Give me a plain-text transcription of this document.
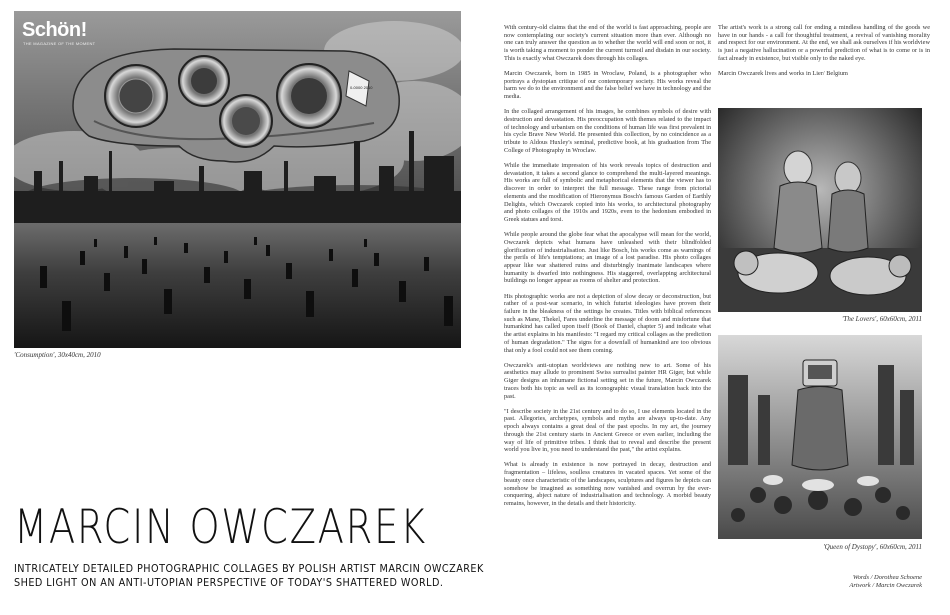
0-0000 2010
Schön!
THE MAGAZINE OF THE MOMENT
'Consumption', 30x40cm, 2010
MARCIN OWCZAREK
INTRICATELY DETAILED PHOTOGRAPHIC COLLAGES BY POLISH ARTIST MARCIN OWCZAREK
SHED LIGHT ON AN ANTI-UTOPIAN PERSPECTIVE OF TODAY'S SHATTERED WORLD.

With century-old claims that the end of the world is fast approaching, people are now contemplating our society's current situation more than ever. Although no one can truly answer the question as to whether the world will end soon or not, it is worth taking a moment to ponder the current turmoil and disdain in our society. This is exactly what Owczarek does through his collages.

Marcin Owczarek, born in 1985 in Wroclaw, Poland, is a photographer who portrays a dystopian critique of our contemporary society. His works reveal the harm we do to the environment and the false belief we have in technology and the media.

In the collaged arrangement of his images, he combines symbols of desire with destruction and devastation. His preoccupation with themes related to the impact of technology and urbanism on the conditions of human life was first prevalent in his cycle Brave New World. He presented this collection, by no coincidence as a tribute to Aldous Huxley's seminal, predictive book, at his graduation from The College of Photography in Wroclaw.

While the immediate impression of his work reveals topics of destruction and devastation, it takes a second glance to comprehend the multi-layered meanings. His works are full of symbolic and metaphorical elements that the viewer has to discover in order to interpret the full message. These range from pictorial elements and the modification of Hieronymus Bosch's famous Garden of Earthly Delights, which Owczarek copied into his works, to architectural photography and photo collages of the 1910s and 1920s, even to the hedonism embodied in Greek statues and torsi.

While people around the globe fear what the apocalypse will mean for the world, Owczarek depicts what humans have unleashed with their blindfolded glorification of industrialisation. Just like Bosch, his works come as warnings of the perils of life's temptations; an image of a lost paradise. His photo collages appear like war shattered ruins and disturbingly inanimate landscapes where humanity is dwarfed into nothingness. His staggered, overlapping architectural buildings no longer appear as rooms of shelter and protection.

His photographic works are not a depiction of slow decay or deconstruction, but rather of a post-war scenario, in which futurist ideologies have proven their failure in the bleakness of the settings he creates. Titles with biblical references such as Mane, Thekel, Fares underline the message of doom and misfortune that humankind has called upon itself (Book of Daniel, chapter 5) and indicate what the artist explains in his manifesto: "I regard my critical collages as the prediction of human degradation." The signs for a downfall of humankind are too obvious that only a fool could not see them coming.

Owczarek's anti-utopian worldviews are nothing new to art. Some of his aesthetics may allude to prominent Swiss surrealist painter HR Giger, but while Giger designs an inhumane fictional setting set in the future, Marcin Owczarek traces both his topic as well as its iconographic visual translation back into the past.

"I describe society in the 21st century and to do so, I use elements located in the past. Allegories, archetypes, symbols and myths are always up-to-date. Any epoch always contains a great deal of the past epochs. In my art, the journey through the 21st century starts in Ancient Greece or even earlier, including the way of life of primitive tribes. I think that to reveal and describe the present world you live in, you need to understand the past," the artist explains.

What is already in existence is now portrayed in decay, destruction and fragmentation – lifeless, soulless creatures in vacated spaces. Yet some of the beauty once characteristic of the landscapes, sculptures and figures he depicts can somehow be imagined as something now vanished and overrun by the ever-conquering, abject nature of industrialisation and technology. A morbid beauty remains, however, in the details and their historicity.

The artist's work is a strong call for ending a mindless handling of the goods we have in our hands - a call for thoughtful treatment, a revival of vanishing morality and respect for our environment. At the end, we shall ask ourselves if his worldview is just a negative hallucination or a powerful prediction of what is to come or is in fact already in existence, but visible only to the naked eye.

Marcin Owczarek lives and works in Lier/ Belgium

'The Lovers', 60x60cm, 2011
'Queen of Dystopy', 60x60cm, 2011
Words / Dorothea Schoene
Artwork / Marcin Owczarek
